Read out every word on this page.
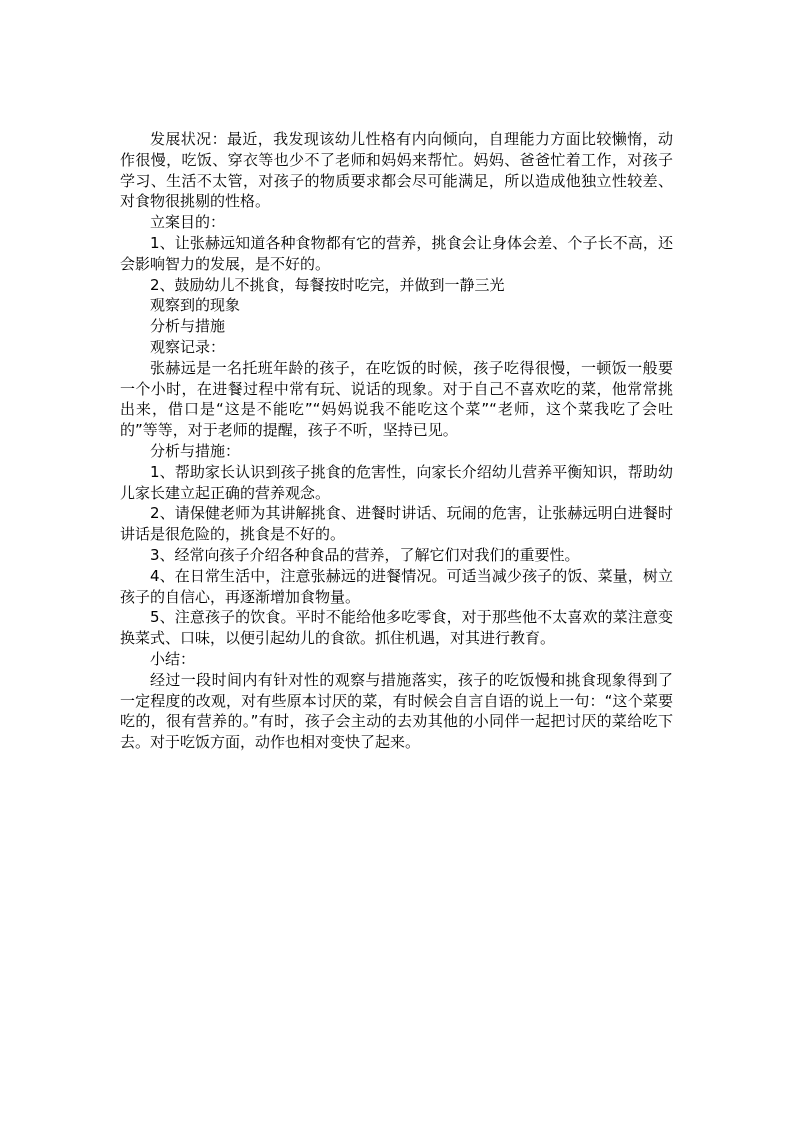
发展状况：最近，我发现该幼儿性格有内向倾向，自理能力方面比较懒惰，动作很慢，吃饭、穿衣等也少不了老师和妈妈来帮忙。妈妈、爸爸忙着工作，对孩子学习、生活不太管，对孩子的物质要求都会尽可能满足，所以造成他独立性较差、对食物很挑剔的性格。

立案目的：

1、让张赫远知道各种食物都有它的营养，挑食会让身体会差、个子长不高，还会影响智力的发展，是不好的。

2、鼓励幼儿不挑食，每餐按时吃完，并做到一静三光

观察到的现象

分析与措施

观察记录：

张赫远是一名托班年龄的孩子，在吃饭的时候，孩子吃得很慢，一顿饭一般要一个小时，在进餐过程中常有玩、说话的现象。对于自己不喜欢吃的菜，他常常挑出来，借口是“这是不能吃”“妈妈说我不能吃这个菜”“老师，这个菜我吃了会吐的”等等，对于老师的提醒，孩子不听，坚持已见。

分析与措施：

1、帮助家长认识到孩子挑食的危害性，向家长介绍幼儿营养平衡知识，帮助幼儿家长建立起正确的营养观念。

2、请保健老师为其讲解挑食、进餐时讲话、玩闹的危害，让张赫远明白进餐时讲话是很危险的，挑食是不好的。

3、经常向孩子介绍各种食品的营养，了解它们对我们的重要性。

4、在日常生活中，注意张赫远的进餐情况。可适当减少孩子的饭、菜量，树立孩子的自信心，再逐渐增加食物量。

5、注意孩子的饮食。平时不能给他多吃零食，对于那些他不太喜欢的菜注意变换菜式、口味，以便引起幼儿的食欲。抓住机遇，对其进行教育。

小结：

经过一段时间内有针对性的观察与措施落实，孩子的吃饭慢和挑食现象得到了一定程度的改观，对有些原本讨厌的菜，有时候会自言自语的说上一句：“这个菜要吃的，很有营养的。”有时，孩子会主动的去劝其他的小同伴一起把讨厌的菜给吃下去。对于吃饭方面，动作也相对变快了起来。
